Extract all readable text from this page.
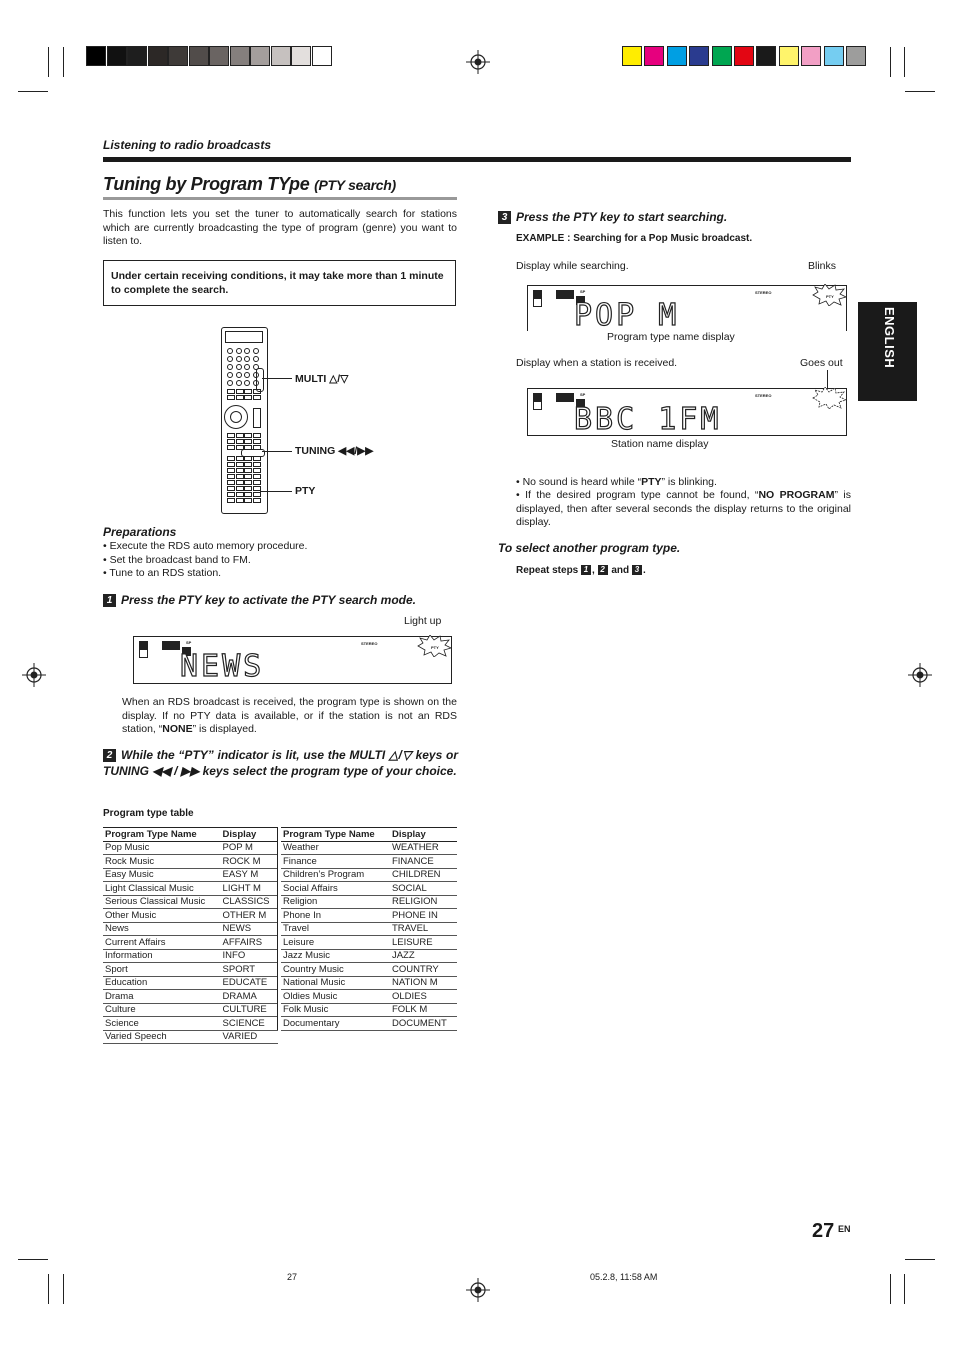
Listening to radio broadcasts
Tuning by Program TYpe (PTY search)
This function lets you set the tuner to automatically search for stations which are currently broadcasting the type of program (genre) you want to listen to.
Under certain receiving conditions, it may take more than 1 minute to complete the search.
MULTI △/▽
TUNING ◀◀/▶▶
PTY
Preparations
• Execute the RDS auto memory procedure.
• Set the broadcast band to FM.
• Tune to an RDS station.
1 Press the PTY key to activate the PTY search mode.
Light up
SP	STEREO
PTY
NEWS
When an RDS broadcast is received, the program type is shown on the display. If no PTY data is available, or if the station is not an RDS station, “NONE” is displayed.
2 While the “PTY” indicator is lit, use the MULTI △/▽ keys or TUNING ◀◀ / ▶▶ keys select the program type of your choice.
Program type table
Program Type Name	Display
Pop Music	POP M
Rock Music	ROCK M
Easy Music	EASY M
Light Classical Music	LIGHT M
Serious Classical Music	CLASSICS
Other Music	OTHER M
News	NEWS
Current Affairs	AFFAIRS
Information	INFO
Sport	SPORT
Education	EDUCATE
Drama	DRAMA
Culture	CULTURE
Science	SCIENCE
Varied Speech	VARIED
Program Type Name	Display
Weather	WEATHER
Finance	FINANCE
Children’s Program	CHILDREN
Social Affairs	SOCIAL
Religion	RELIGION
Phone In	PHONE IN
Travel	TRAVEL
Leisure	LEISURE
Jazz Music	JAZZ
Country Music	COUNTRY
National Music	NATION M
Oldies Music	OLDIES
Folk Music	FOLK M
Documentary	DOCUMENT
3 Press the PTY key to start searching.
EXAMPLE : Searching for a Pop Music broadcast.
Display while searching.	Blinks
SP	STEREO
PTY
POP M
Program type name display
Display when a station is received.	Goes out
SP	STEREO
BBC 1FM
Station name display
• No sound is heard while “PTY” is blinking.
• If the desired program type cannot be found, “NO PROGRAM” is displayed, then after several seconds the display returns to the original display.
To select another program type.
Repeat steps 1 , 2 and 3 .
ENGLISH
27 EN
27	05.2.8, 11:58 AM
